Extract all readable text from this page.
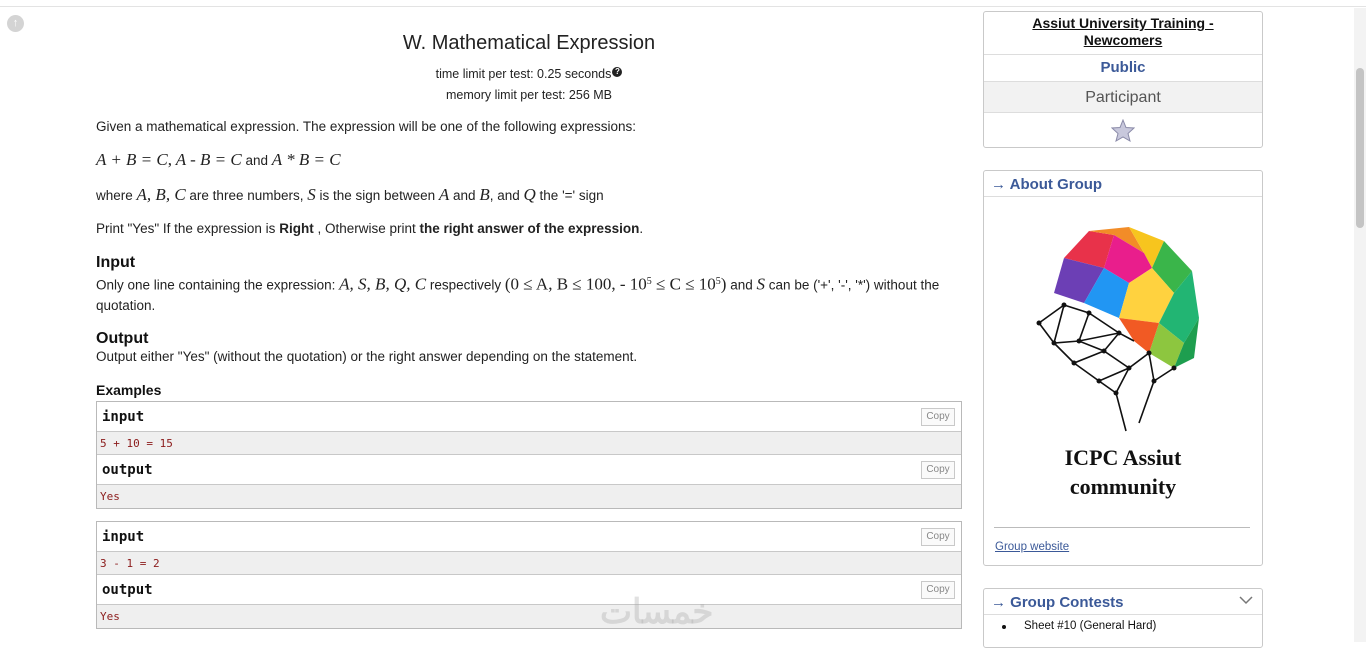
↑
W. Mathematical Expression
time limit per test: 0.25 seconds ?
memory limit per test: 256 MB
Given a mathematical expression. The expression will be one of the following expressions:
A + B = C, A - B = C and A * B = C
where A, B, C are three numbers, S is the sign between A and B, and Q the '=' sign
Print "Yes" If the expression is Right , Otherwise print the right answer of the expression.
Input
Only one line containing the expression: A, S, B, Q, C respectively (0 ≤ A, B ≤ 100, - $10^5 \le C \le 10^5$) and S can be ('+', '-', '*') without the quotation.
Output
Output either "Yes" (without the quotation) or the right answer depending on the statement.
Examples
input	Copy
5 + 10 = 15
output	Copy
Yes
input	Copy
3 - 1 = 2
output	Copy
Yes
Assiut University Training -
Newcomers
Public
Participant
→ About Group
ICPC Assiut
community
Group website
→ Group Contests
Sheet #10 (General Hard)
خمسات
